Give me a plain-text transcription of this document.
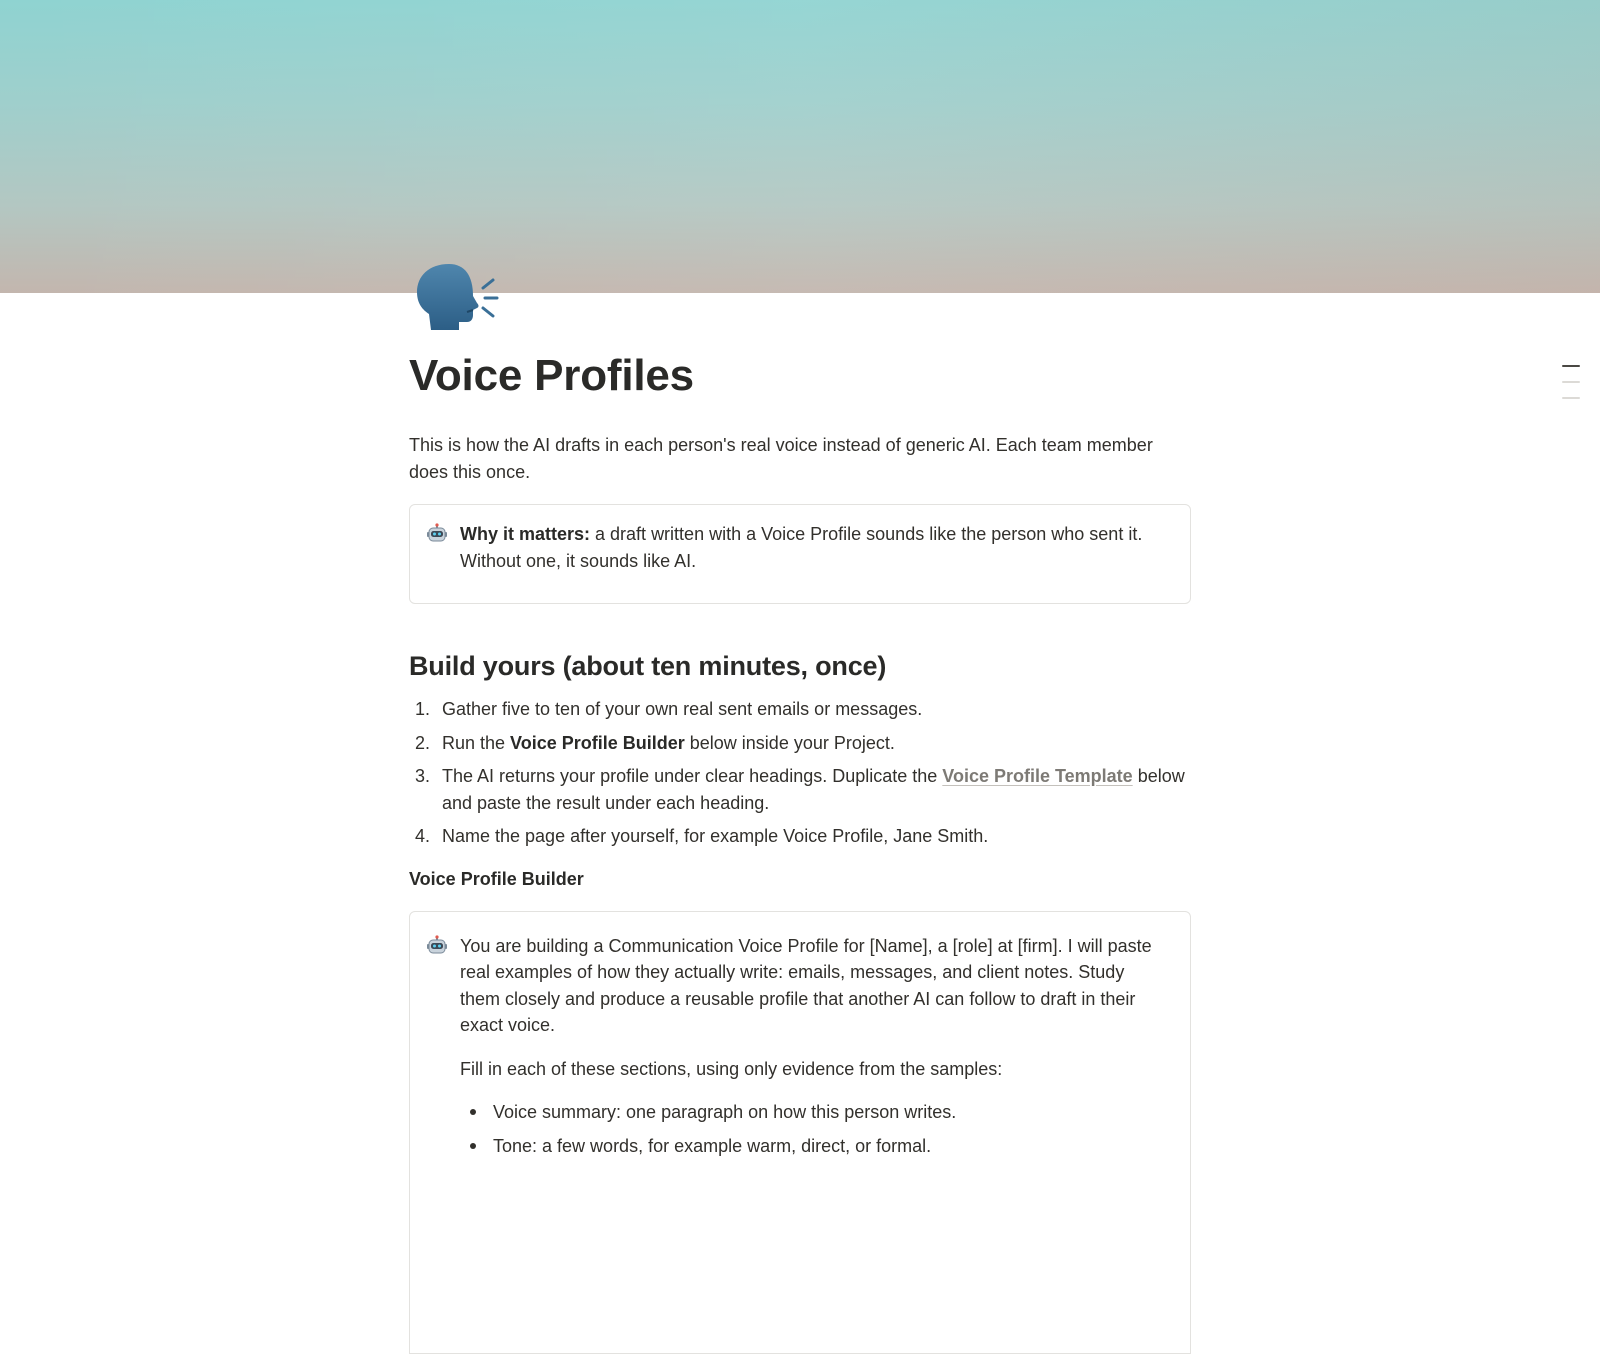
Voice Profiles
This is how the AI drafts in each person's real voice instead of generic AI. Each team member does this once.
Why it matters: a draft written with a Voice Profile sounds like the person who sent it. Without one, it sounds like AI.
Build yours (about ten minutes, once)
1. Gather five to ten of your own real sent emails or messages.
2. Run the Voice Profile Builder below inside your Project.
3. The AI returns your profile under clear headings. Duplicate the Voice Profile Template below and paste the result under each heading.
4. Name the page after yourself, for example Voice Profile, Jane Smith.
Voice Profile Builder

You are building a Communication Voice Profile for [Name], a [role] at [firm]. I will paste real examples of how they actually write: emails, messages, and client notes. Study them closely and produce a reusable profile that another AI can follow to draft in their exact voice.

Fill in each of these sections, using only evidence from the samples:

Voice summary: one paragraph on how this person writes.
Tone: a few words, for example warm, direct, or formal.
